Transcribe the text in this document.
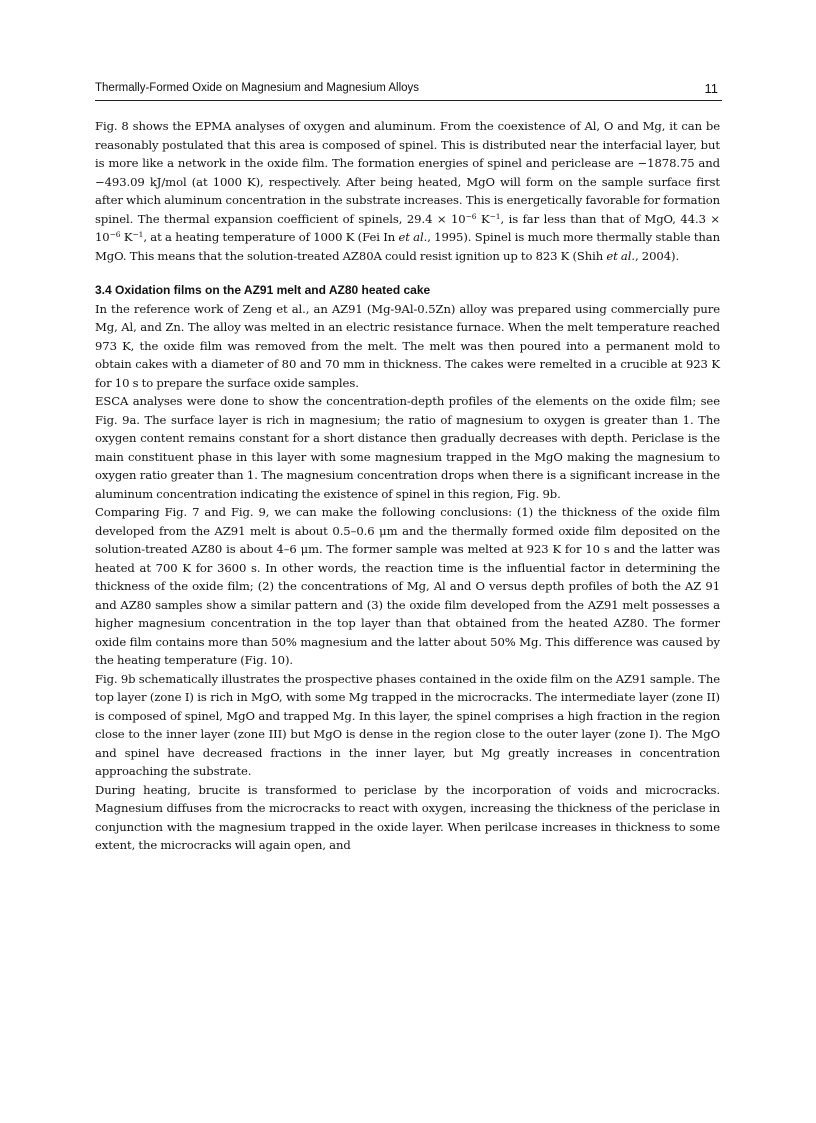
Thermally-Formed Oxide on Magnesium and Magnesium Alloys	11

Fig. 8 shows the EPMA analyses of oxygen and aluminum. From the coexistence of Al, O and Mg, it can be reasonably postulated that this area is composed of spinel. This is distributed near the interfacial layer, but is more like a network in the oxide film. The formation energies of spinel and periclease are −1878.75 and −493.09 kJ/mol (at 1000 K), respectively. After being heated, MgO will form on the sample surface first after which aluminum concentration in the substrate increases. This is energetically favorable for formation spinel. The thermal expansion coefficient of spinels, $29.4 \times 10^{-6}$ $K^{-1}$, is far less than that of MgO, $44.3 \times 10^{-6}$ $K^{-1}$, at a heating temperature of 1000 K (Fei In et al., 1995). Spinel is much more thermally stable than MgO. This means that the solution-treated AZ80A could resist ignition up to 823 K (Shih et al., 2004).

3.4 Oxidation films on the AZ91 melt and AZ80 heated cake

In the reference work of Zeng et al., an AZ91 (Mg-9Al-0.5Zn) alloy was prepared using commercially pure Mg, Al, and Zn. The alloy was melted in an electric resistance furnace. When the melt temperature reached 973 K, the oxide film was removed from the melt. The melt was then poured into a permanent mold to obtain cakes with a diameter of 80 and 70 mm in thickness. The cakes were remelted in a crucible at 923 K for 10 s to prepare the surface oxide samples.

ESCA analyses were done to show the concentration-depth profiles of the elements on the oxide film; see Fig. 9a. The surface layer is rich in magnesium; the ratio of magnesium to oxygen is greater than 1. The oxygen content remains constant for a short distance then gradually decreases with depth. Periclase is the main constituent phase in this layer with some magnesium trapped in the MgO making the magnesium to oxygen ratio greater than 1. The magnesium concentration drops when there is a significant increase in the aluminum concentration indicating the existence of spinel in this region, Fig. 9b.

Comparing Fig. 7 and Fig. 9, we can make the following conclusions: (1) the thickness of the oxide film developed from the AZ91 melt is about 0.5–0.6 μm and the thermally formed oxide film deposited on the solution-treated AZ80 is about 4–6 μm. The former sample was melted at 923 K for 10 s and the latter was heated at 700 K for 3600 s. In other words, the reaction time is the influential factor in determining the thickness of the oxide film; (2) the concentrations of Mg, Al and O versus depth profiles of both the AZ 91 and AZ80 samples show a similar pattern and (3) the oxide film developed from the AZ91 melt possesses a higher magnesium concentration in the top layer than that obtained from the heated AZ80. The former oxide film contains more than 50% magnesium and the latter about 50% Mg. This difference was caused by the heating temperature (Fig. 10).

Fig. 9b schematically illustrates the prospective phases contained in the oxide film on the AZ91 sample. The top layer (zone I) is rich in MgO, with some Mg trapped in the microcracks. The intermediate layer (zone II) is composed of spinel, MgO and trapped Mg. In this layer, the spinel comprises a high fraction in the region close to the inner layer (zone III) but MgO is dense in the region close to the outer layer (zone I). The MgO and spinel have decreased fractions in the inner layer, but Mg greatly increases in concentration approaching the substrate.

During heating, brucite is transformed to periclase by the incorporation of voids and microcracks. Magnesium diffuses from the microcracks to react with oxygen, increasing the thickness of the periclase in conjunction with the magnesium trapped in the oxide layer. When perilcase increases in thickness to some extent, the microcracks will again open, and
